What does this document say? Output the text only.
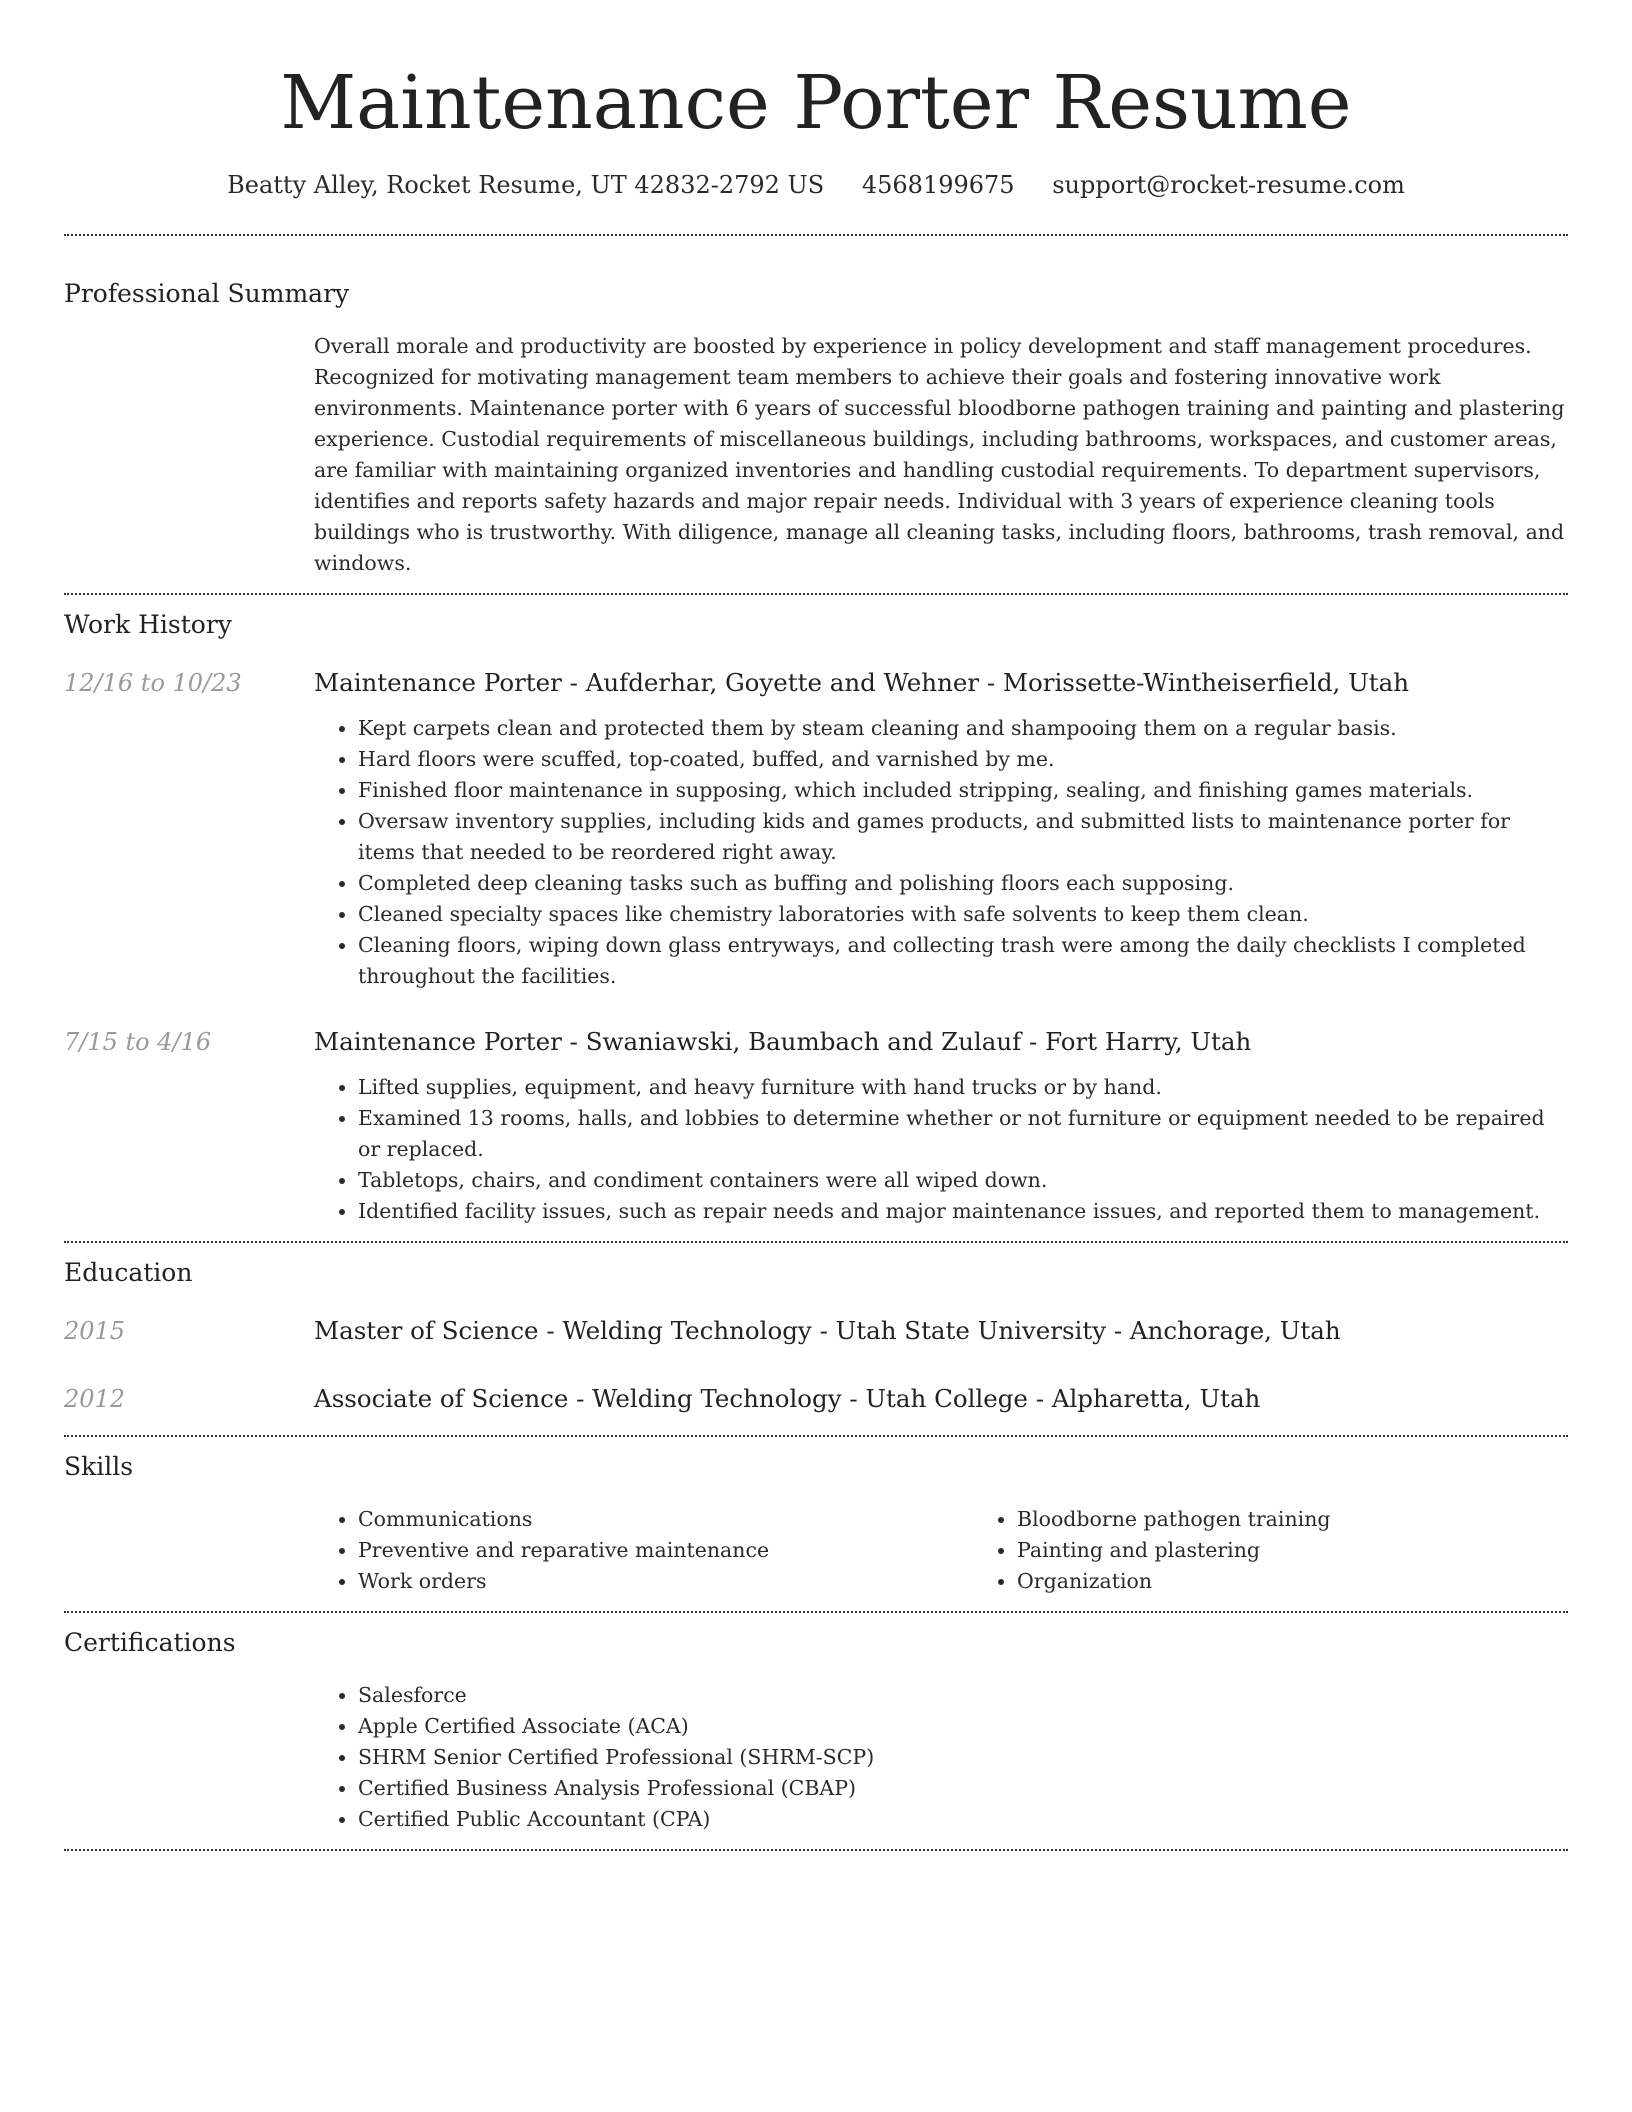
Maintenance Porter Resume
Beatty Alley, Rocket Resume, UT 42832-2792 US 4568199675 support@rocket-resume.com
Professional Summary

Overall morale and productivity are boosted by experience in policy development and staff management procedures. Recognized for motivating management team members to achieve their goals and fostering innovative work environments. Maintenance porter with 6 years of successful bloodborne pathogen training and painting and plastering experience. Custodial requirements of miscellaneous buildings, including bathrooms, workspaces, and customer areas, are familiar with maintaining organized inventories and handling custodial requirements. To department supervisors, identifies and reports safety hazards and major repair needs. Individual with 3 years of experience cleaning tools buildings who is trustworthy. With diligence, manage all cleaning tasks, including floors, bathrooms, trash removal, and windows.

Work History
12/16 to 10/23	Maintenance Porter - Aufderhar, Goyette and Wehner - Morissette-Wintheiserfield, Utah
• Kept carpets clean and protected them by steam cleaning and shampooing them on a regular basis.
• Hard floors were scuffed, top-coated, buffed, and varnished by me.
• Finished floor maintenance in supposing, which included stripping, sealing, and finishing games materials.
• Oversaw inventory supplies, including kids and games products, and submitted lists to maintenance porter for items that needed to be reordered right away.
• Completed deep cleaning tasks such as buffing and polishing floors each supposing.
• Cleaned specialty spaces like chemistry laboratories with safe solvents to keep them clean.
• Cleaning floors, wiping down glass entryways, and collecting trash were among the daily checklists I completed throughout the facilities.
7/15 to 4/16	Maintenance Porter - Swaniawski, Baumbach and Zulauf - Fort Harry, Utah
• Lifted supplies, equipment, and heavy furniture with hand trucks or by hand.
• Examined 13 rooms, halls, and lobbies to determine whether or not furniture or equipment needed to be repaired or replaced.
• Tabletops, chairs, and condiment containers were all wiped down.
• Identified facility issues, such as repair needs and major maintenance issues, and reported them to management.
Education
2015	Master of Science - Welding Technology - Utah State University - Anchorage, Utah
2012	Associate of Science - Welding Technology - Utah College - Alpharetta, Utah
Skills
• Communications
• Preventive and reparative maintenance
• Work orders
• Bloodborne pathogen training
• Painting and plastering
• Organization
Certifications
• Salesforce
• Apple Certified Associate (ACA)
• SHRM Senior Certified Professional (SHRM-SCP)
• Certified Business Analysis Professional (CBAP)
• Certified Public Accountant (CPA)
